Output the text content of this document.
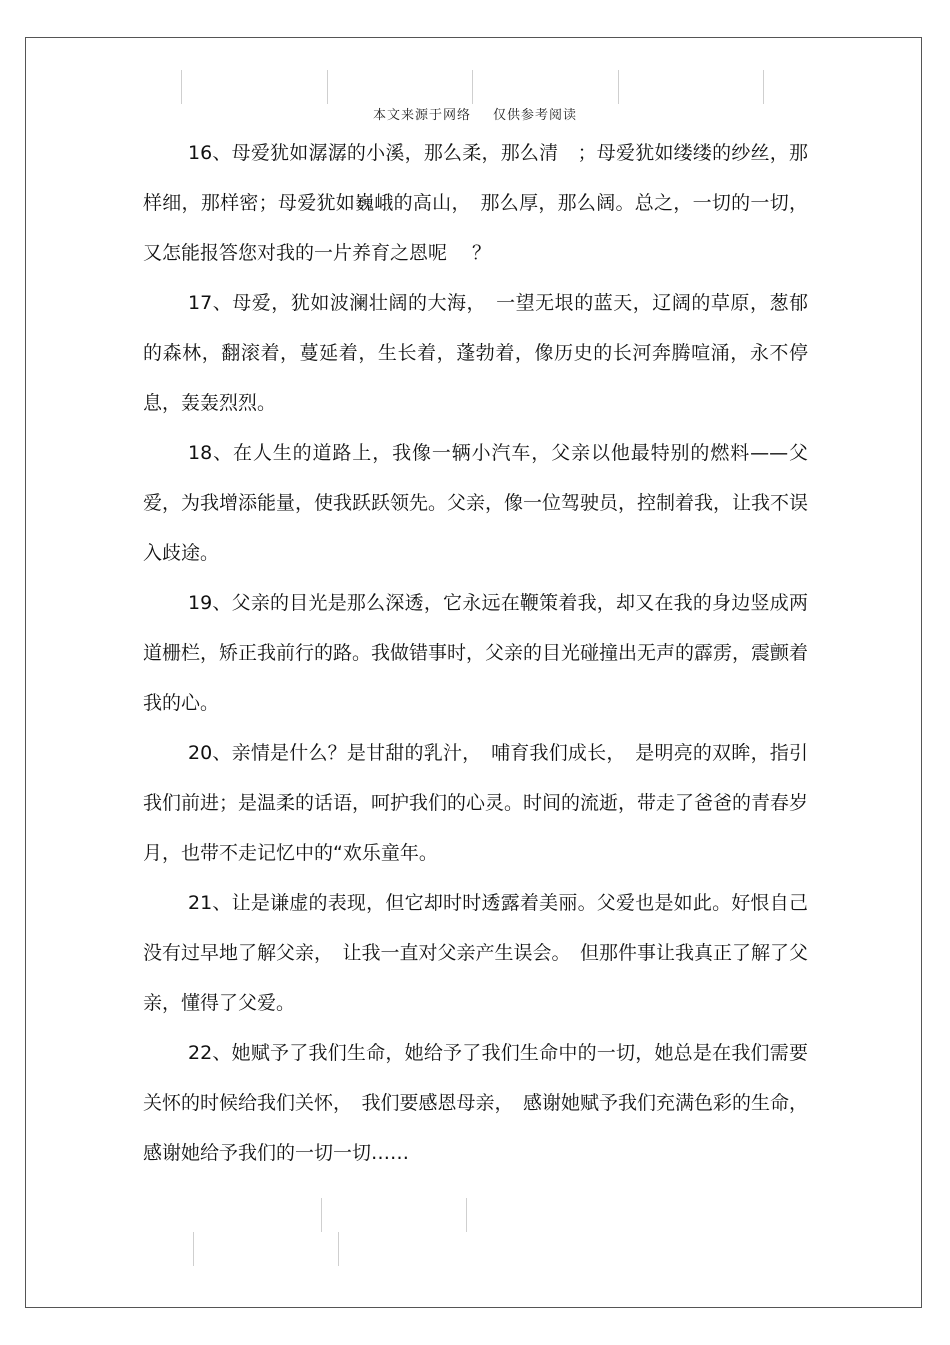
本文来源于网络 仅供参考阅读

16、母爱犹如潺潺的小溪，那么柔，那么清　；母爱犹如缕缕的纱丝，那样细，那样密；母爱犹如巍峨的高山，　那么厚，那么阔。总之，一切的一切，又怎能报答您对我的一片养育之恩呢　 ？

17、母爱，犹如波澜壮阔的大海，　一望无垠的蓝天，辽阔的草原，葱郁的森林，翻滚着，蔓延着，生长着，蓬勃着，像历史的长河奔腾喧涌，永不停息，轰轰烈烈。

18、在人生的道路上，我像一辆小汽车，父亲以他最特别的燃料——父爱，为我增添能量，使我跃跃领先。父亲，像一位驾驶员，控制着我，让我不误入歧途。

19、父亲的目光是那么深透，它永远在鞭策着我，却又在我的身边竖成两道栅栏，矫正我前行的路。我做错事时，父亲的目光碰撞出无声的霹雳，震颤着我的心。

20、亲情是什么？是甘甜的乳汁，　哺育我们成长，　是明亮的双眸，指引我们前进；是温柔的话语，呵护我们的心灵。时间的流逝，带走了爸爸的青春岁月，也带不走记忆中的“欢乐童年。

21、让是谦虚的表现，但它却时时透露着美丽。父爱也是如此。好恨自己没有过早地了解父亲，　让我一直对父亲产生误会。　但那件事让我真正了解了父亲，懂得了父爱。

22、她赋予了我们生命，她给予了我们生命中的一切，她总是在我们需要关怀的时候给我们关怀，　我们要感恩母亲，　感谢她赋予我们充满色彩的生命，感谢她给予我们的一切一切……
